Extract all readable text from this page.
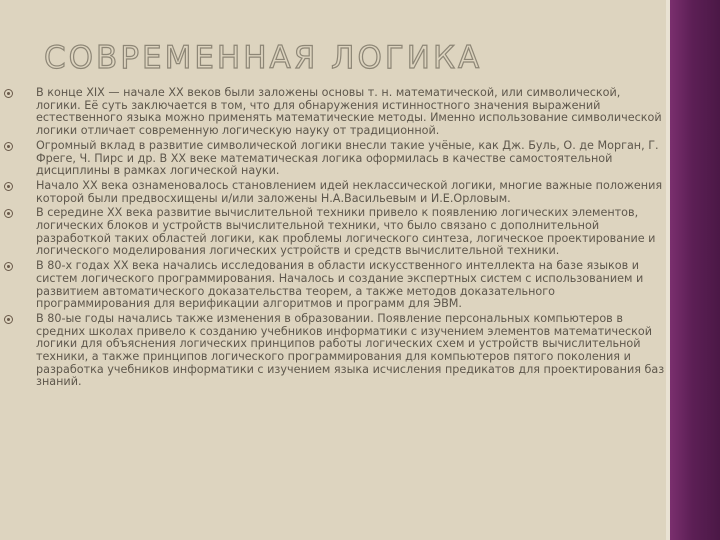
СОВРЕМЕННАЯ ЛОГИКА
В конце XIX — начале XX веков были заложены основы т. н. математической, или символической, логики. Её суть заключается в том, что для обнаружения истинностного значения выражений естественного языка можно применять математические методы. Именно использование символической логики отличает современную логическую науку от традиционной.
Огромный вклад в развитие символической логики внесли такие учёные, как Дж. Буль, О. де Морган, Г. Фреге, Ч. Пирс и др. В XX веке математическая логика оформилась в качестве самостоятельной дисциплины в рамках логической науки.
Начало XX века ознаменовалось становлением идей неклассической логики, многие важные положения которой были предвосхищены и/или заложены Н.А.Васильевым и И.Е.Орловым.
В середине XX века развитие вычислительной техники привело к появлению логических элементов, логических блоков и устройств вычислительной техники, что было связано с дополнительной разработкой таких областей логики, как проблемы логического синтеза, логическое проектирование и логического моделирования логических устройств и средств вычислительной техники.
В 80-х годах XX века начались исследования в области искусственного интеллекта на базе языков и систем логического программирования. Началось и создание экспертных систем с использованием и развитием автоматического доказательства теорем, а также методов доказательного программирования для верификации алгоритмов и программ для ЭВМ.
В 80-ые годы начались также изменения в образовании. Появление персональных компьютеров в средних школах привело к созданию учебников информатики с изучением элементов математической логики для объяснения логических принципов работы логических схем и устройств вычислительной техники, а также принципов логического программирования для компьютеров пятого поколения и разработка учебников информатики с изучением языка исчисления предикатов для проектирования баз знаний.
